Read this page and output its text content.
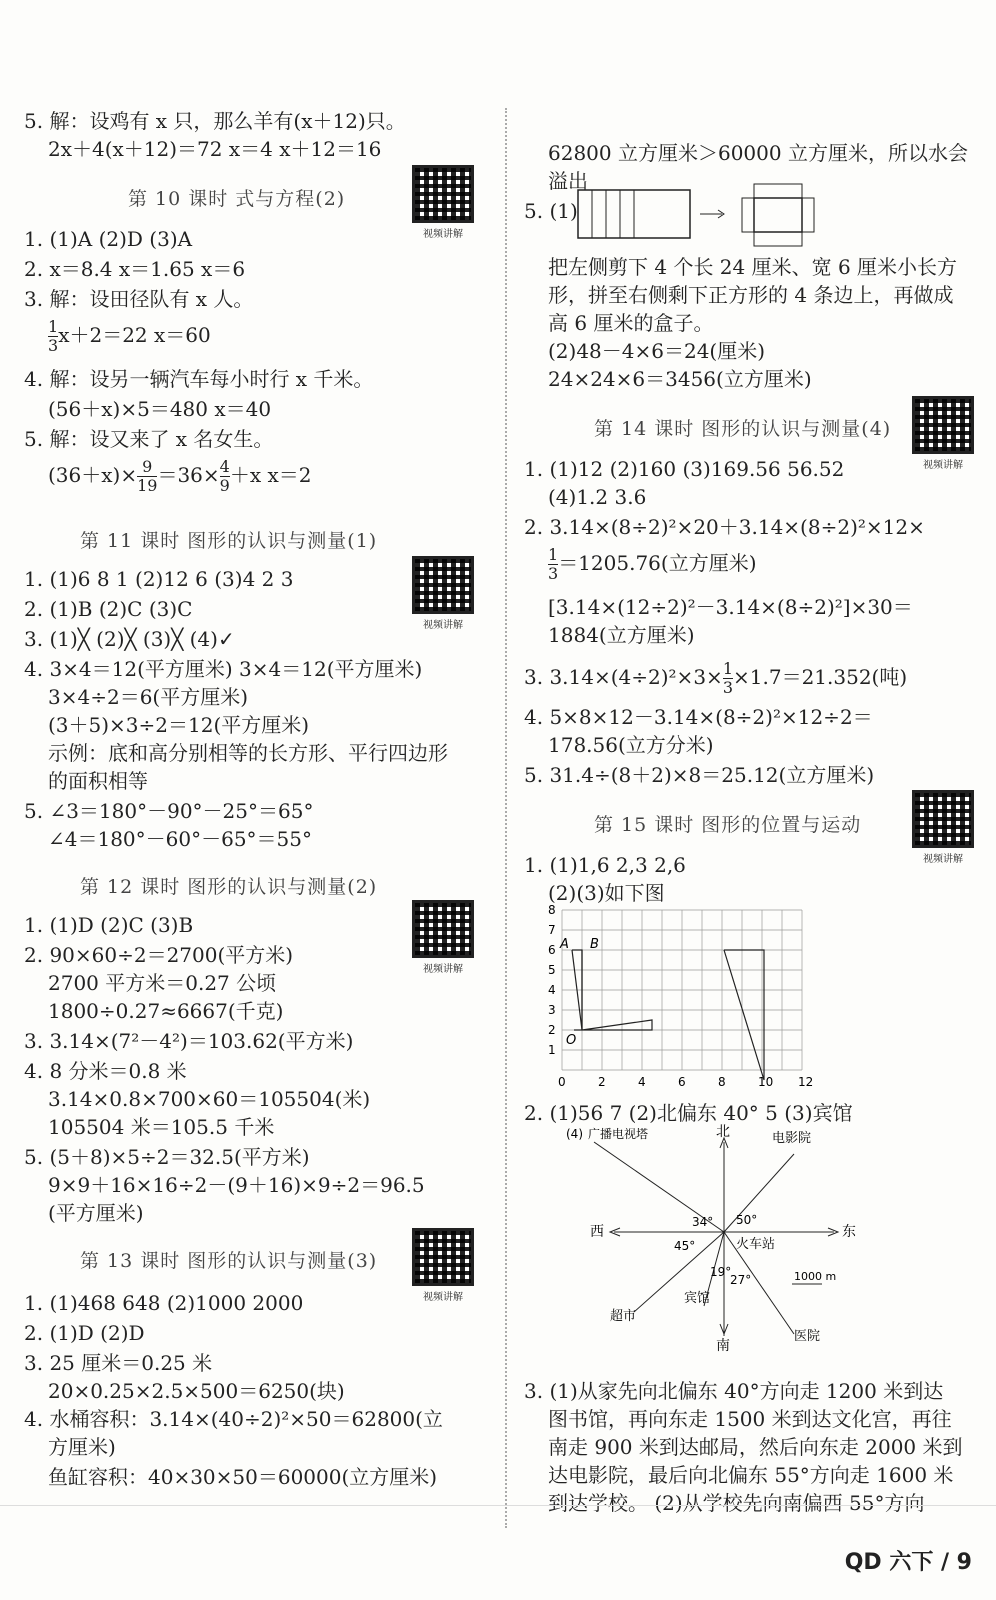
5. 解：设鸡有 x 只，那么羊有(x＋12)只。
2x＋4(x＋12)＝72 x＝4 x＋12＝16
第 10 课时 式与方程(2)
视频讲解
1. (1)A (2)D (3)A
2. x＝8.4 x＝1.65 x＝6
3. 解：设田径队有 x 人。
$\frac{1}{3} x+2=22$ x＝60
4. 解：设另一辆汽车每小时行 x 千米。
(56＋x)×5＝480 x＝40
5. 解：设又来了 x 名女生。
$(36+x)\times \frac{9}{19} =36\times \frac{4}{9} +x$ x＝2
第 11 课时 图形的认识与测量(1)
视频讲解
1. (1)6 8 1 (2)12 6 (3)4 2 3
2. (1)B (2)C (3)C
3. (1)╳ (2)╳ (3)╳ (4)✓
4. 3×4＝12(平方厘米) 3×4＝12(平方厘米)
3×4÷2＝6(平方厘米)
(3＋5)×3÷2＝12(平方厘米)
示例：底和高分别相等的长方形、平行四边形
的面积相等
5. ∠3＝180°－90°－25°＝65°
∠4＝180°－60°－65°＝55°
第 12 课时 图形的认识与测量(2)
视频讲解
1. (1)D (2)C (3)B
2. 90×60÷2＝2700(平方米)
2700 平方米＝0.27 公顷
1800÷0.27≈6667(千克)
3. 3.14×(7²－4²)＝103.62(平方米)
4. 8 分米＝0.8 米
3.14×0.8×700×60＝105504(米)
105504 米＝105.5 千米
5. (5＋8)×5÷2＝32.5(平方米)
9×9＋16×16÷2－(9＋16)×9÷2＝96.5
(平方厘米)
第 13 课时 图形的认识与测量(3)
视频讲解
1. (1)468 648 (2)1000 2000
2. (1)D (2)D
3. 25 厘米＝0.25 米
20×0.25×2.5×500＝6250(块)
4. 水桶容积：3.14×(40÷2)²×50＝62800(立
方厘米)
鱼缸容积：40×30×50＝60000(立方厘米)
62800 立方厘米＞60000 立方厘米，所以水会
溢出
5. (1)
把左侧剪下 4 个长 24 厘米、宽 6 厘米小长方
形，拼至右侧剩下正方形的 4 条边上，再做成
高 6 厘米的盒子。
(2)48－4×6＝24(厘米)
24×24×6＝3456(立方厘米)
第 14 课时 图形的认识与测量(4)
视频讲解
1. (1)12 (2)160 (3)169.56 56.52
(4)1.2 3.6
2. 3.14×(8÷2)²×20＋3.14×(8÷2)²×12×
$\frac{1}{3} =1205.76$(立方厘米)
[3.14×(12÷2)²－3.14×(8÷2)²]×30＝
1884(立方厘米)
3. $3.14\times(4\div 2)^2\times 3\times \frac{1}{3} \times 1.7=21.352$(吨)
4. 5×8×12－3.14×(8÷2)²×12÷2＝
178.56(立方分米)
5. 31.4÷(8＋2)×8＝25.12(立方厘米)
第 15 课时 图形的位置与运动
视频讲解
1. (1)1,6 2,3 2,6
(2)(3)如下图
0	2	4	6	8	10 12
1
2
3
4
5
6
7
8
A B
O
2. (1)56 7 (2)北偏东 40° 5 (3)宾馆
(4) 广播电视塔	北	电影院
西	东
火车站
34° 50°
45°
19°
27°
超市
宾馆
医院
南
1000 m
3. (1)从家先向北偏东 40°方向走 1200 米到达
图书馆，再向东走 1500 米到达文化宫，再往
南走 900 米到达邮局，然后向东走 2000 米到
达电影院，最后向北偏东 55°方向走 1600 米
到达学校。 (2)从学校先向南偏西 55°方向
QD 六下 / 9
